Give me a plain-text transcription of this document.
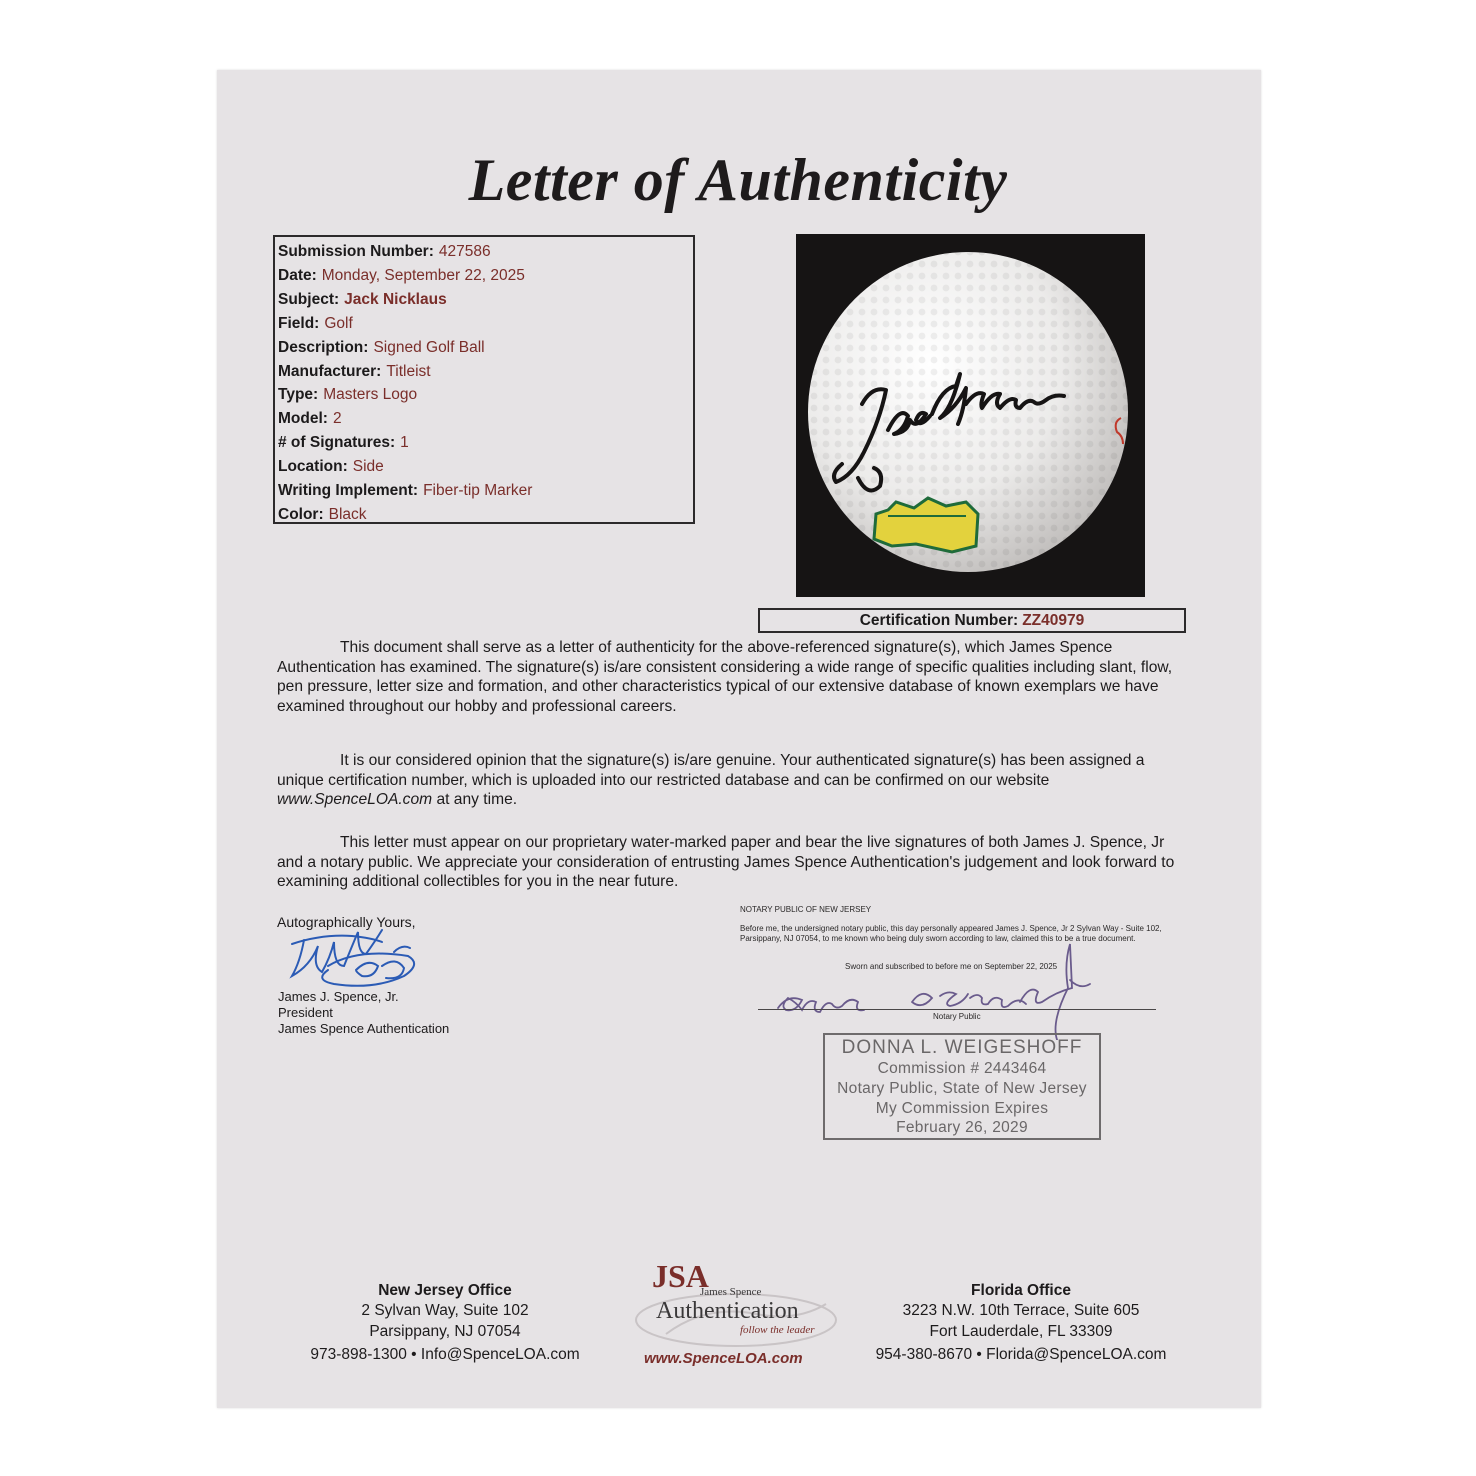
Letter of Authenticity
Submission Number: 427586
Date: Monday, September 22, 2025
Subject: Jack Nicklaus
Field: Golf
Description: Signed Golf Ball
Manufacturer: Titleist
Type: Masters Logo
Model: 2
# of Signatures: 1
Location: Side
Writing Implement: Fiber-tip Marker
Color: Black
Certification Number: ZZ40979
This document shall serve as a letter of authenticity for the above-referenced signature(s), which James Spence Authentication has examined. The signature(s) is/are consistent considering a wide range of specific qualities including slant, flow, pen pressure, letter size and formation, and other characteristics typical of our extensive database of known exemplars we have examined throughout our hobby and professional careers.
It is our considered opinion that the signature(s) is/are genuine. Your authenticated signature(s) has been assigned a unique certification number, which is uploaded into our restricted database and can be confirmed on our website www.SpenceLOA.com at any time.
This letter must appear on our proprietary water-marked paper and bear the live signatures of both James J. Spence, Jr and a notary public. We appreciate your consideration of entrusting James Spence Authentication's judgement and look forward to examining additional collectibles for you in the near future.
Autographically Yours,
James J. Spence, Jr.
President
James Spence Authentication
NOTARY PUBLIC OF NEW JERSEY
Before me, the undersigned notary public, this day personally appeared James J. Spence, Jr 2 Sylvan Way - Suite 102, Parsippany, NJ 07054, to me known who being duly sworn according to law, claimed this to be a true document.
Sworn and subscribed to before me on September 22, 2025
Notary Public
DONNA L. WEIGESHOFF
Commission # 2443464
Notary Public, State of New Jersey
My Commission Expires
February 26, 2029
New Jersey Office
2 Sylvan Way, Suite 102
Parsippany, NJ 07054
973-898-1300 • Info@SpenceLOA.com
Florida Office
3223 N.W. 10th Terrace, Suite 605
Fort Lauderdale, FL 33309
954-380-8670 • Florida@SpenceLOA.com
JSA
James Spence
Authentication
follow the leader
www.SpenceLOA.com
